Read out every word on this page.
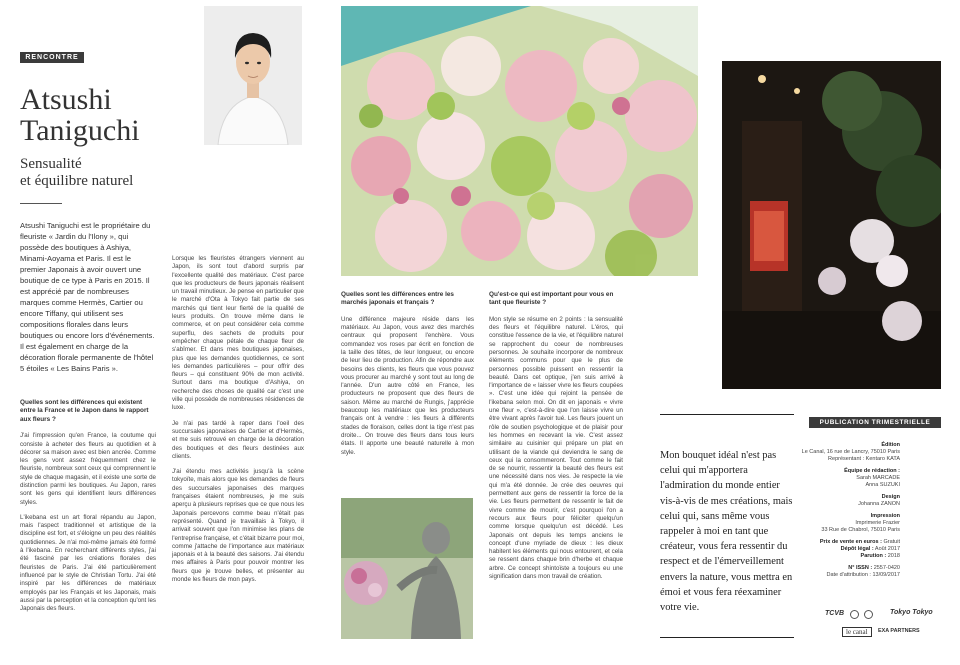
RENCONTRE
Atsushi
Taniguchi
Sensualité
et équilibre naturel
Atsushi Taniguchi est le propriétaire du fleuriste « Jardin du l'Ilony », qui possède des boutiques à Ashiya, Minami-Aoyama et Paris. Il est le premier Japonais à avoir ouvert une boutique de ce type à Paris en 2015. Il est apprécié par de nombreuses marques comme Hermès, Cartier ou encore Tiffany, qui utilisent ses compositions florales dans leurs boutiques ou encore lors d'événements. Il est également en charge de la décoration florale permanente de l'hôtel 5 étoiles « Les Bains Paris ».
Quelles sont les différences qui existent entre la France et le Japon dans le rapport aux fleurs ?
J'ai l'impression qu'en France, la coutume qui consiste à acheter des fleurs au quotidien et à décorer sa maison avec est bien ancrée. Comme les gens vont assez fréquemment chez le fleuriste, nombreux sont ceux qui comprennent le style de chaque magasin, et il existe une sorte de distinction parmi les boutiques. Au Japon, rares sont les gens qui identifient leurs différences styles.
L'ikebana est un art floral répandu au Japon, mais l'aspect traditionnel et artistique de la discipline est fort, et s'éloigne un peu des réalités quotidiennes. Je n'ai moi-même jamais été formé à l'ikebana. En recherchant différents styles, j'ai été fasciné par les créations florales des fleuristes de Paris. J'ai été particulièrement influencé par le style de Christian Tortu. J'ai été inspiré par les différences de matériaux employés par les Français et les Japonais, mais aussi par la perception et la conception qu'ont les Japonais des fleurs.
Lorsque les fleuristes étrangers viennent au Japon, ils sont tout d'abord surpris par l'excellente qualité des matériaux. C'est parce que les producteurs de fleurs japonais réalisent un travail minutieux. Je pense en particulier que le marché d'Ota à Tokyo fait partie de ses marchés qui tient leur fierté de la qualité de leurs produits. On trouve même dans le commerce, et on peut considérer cela comme superflu, des sachets de produits pour empêcher chaque pétale de chaque fleur de s'abîmer. Et dans mes boutiques japonaises, plus que les demandes quotidiennes, ce sont les demandes particulières – pour offrir des fleurs – qui constituent 90% de mon activité. Surtout dans ma boutique d'Ashiya, on recherche des choses de qualité car c'est une ville qui possède de nombreuses résidences de luxe.
Je n'ai pas tardé à raper dans l'oeil des succursales japonaises de Cartier et d'Hermès, et me suis retrouvé en charge de la décoration des boutiques et des fleurs destinées aux clients.
J'ai étendu mes activités jusqu'à la scène tokyoïte, mais alors que les demandes de fleurs des succursales japonaises des marques françaises étaient nombreuses, je me suis aperçu à plusieurs reprises que ce que nous les Japonais percevons comme beau n'était pas représenté. Quand je travaillais à Tokyo, il arrivait souvent que l'on minimise les plans de l'entreprise française, et c'était bizarre pour moi, comme j'attache de l'importance aux matériaux japonais et à la beauté des saisons. J'ai étendu mes affaires à Paris pour pouvoir montrer les fleurs que je trouve belles, et présenter au monde les fleurs de mon pays.
Quelles sont les différences entre les marchés japonais et français ?
Une différence majeure réside dans les matériaux. Au Japon, vous avez des marchés centraux qui proposent l'enchère. Vous commandez vos roses par écrit en fonction de la taille des têtes, de leur longueur, ou encore de leur lieu de production. Afin de répondre aux besoins des clients, les fleurs que vous pouvez vous procurer au marché y sont tout au long de l'année. D'un autre côté en France, les producteurs ne proposent que des fleurs de saison. Même au marché de Rungis, j'apprécie beaucoup les matériaux que les producteurs français ont à vendre : les fleurs à différents stades de floraison, celles dont la tige n'est pas droite... On trouve des fleurs dans tous leurs états. Il apporte une beauté naturelle à mon style.
Qu'est-ce qui est important pour vous en tant que fleuriste ?
Mon style se résume en 2 points : la sensualité des fleurs et l'équilibre naturel. L'éros, qui constitue l'essence de la vie, et l'équilibre naturel se rapprochent du coeur de nombreuses personnes. Je souhaite incorporer de nombreux éléments communs pour que le plus de personnes possible puissent en ressentir la beauté. Dans cet optique, j'en suis arrivé à l'importance de « laisser vivre les fleurs coupées ». C'est une idée qui rejoint la pensée de l'ikebana selon moi. On dit en japonais « vivre une fleur », c'est-à-dire que l'on laisse vivre un être vivant après l'avoir tué. Les fleurs jouent un rôle de soutien psychologique et de plaisir pour les hommes en recevant la vie. C'est assez similaire au cuisinier qui prépare un plat en utilisant de la viande qui deviendra le sang de ceux qui la consommeront. Tout comme le fait de se nourrir, ressentir la beauté des fleurs est une nécessité dans nos vies. Je respecte la vie qui m'a été donnée. Je crée des oeuvres qui permettent aux gens de ressentir la force de la vie. Les fleurs permettent de ressentir le fait de vivre comme de mourir, c'est pourquoi l'on a recours aux fleurs pour féliciter quelqu'un comme lorsque quelqu'un est décédé. Les Japonais ont depuis les temps anciens le concept d'une myriade de dieux : les dieux habitent les éléments qui nous entourent, et cela se ressent dans chaque brin d'herbe et chaque arbre. Ce concept shintoïste a toujours eu une signification dans mon travail de création.
Mon bouquet idéal n'est pas celui qui m'apportera l'admiration du monde entier vis-à-vis de mes créations, mais celui qui, sans même vous rappeler à moi en tant que créateur, vous fera ressentir du respect et de l'émerveillement envers la nature, vous mettra en émoi et vous fera réexaminer votre vie.
PUBLICATION TRIMESTRIELLE
Édition
Le Canal, 16 rue de Lancry, 75010 Paris
Représentant : Kentaro KATA
Équipe de rédaction :
Sarah MARCADE
Anna SUZUKI
Design
Johanna ZANON
Impression
Imprimerie Frazier
33 Rue de Chabrol, 75010 Paris
Prix de vente en euros : Gratuit
Dépôt légal : Août 2017
Parution : 2018
N° ISSN : 2557-0420
Date d'attribution : 13/09/2017
TCVB	Tokyo Tokyo
le canal	EXA PARTNERS
